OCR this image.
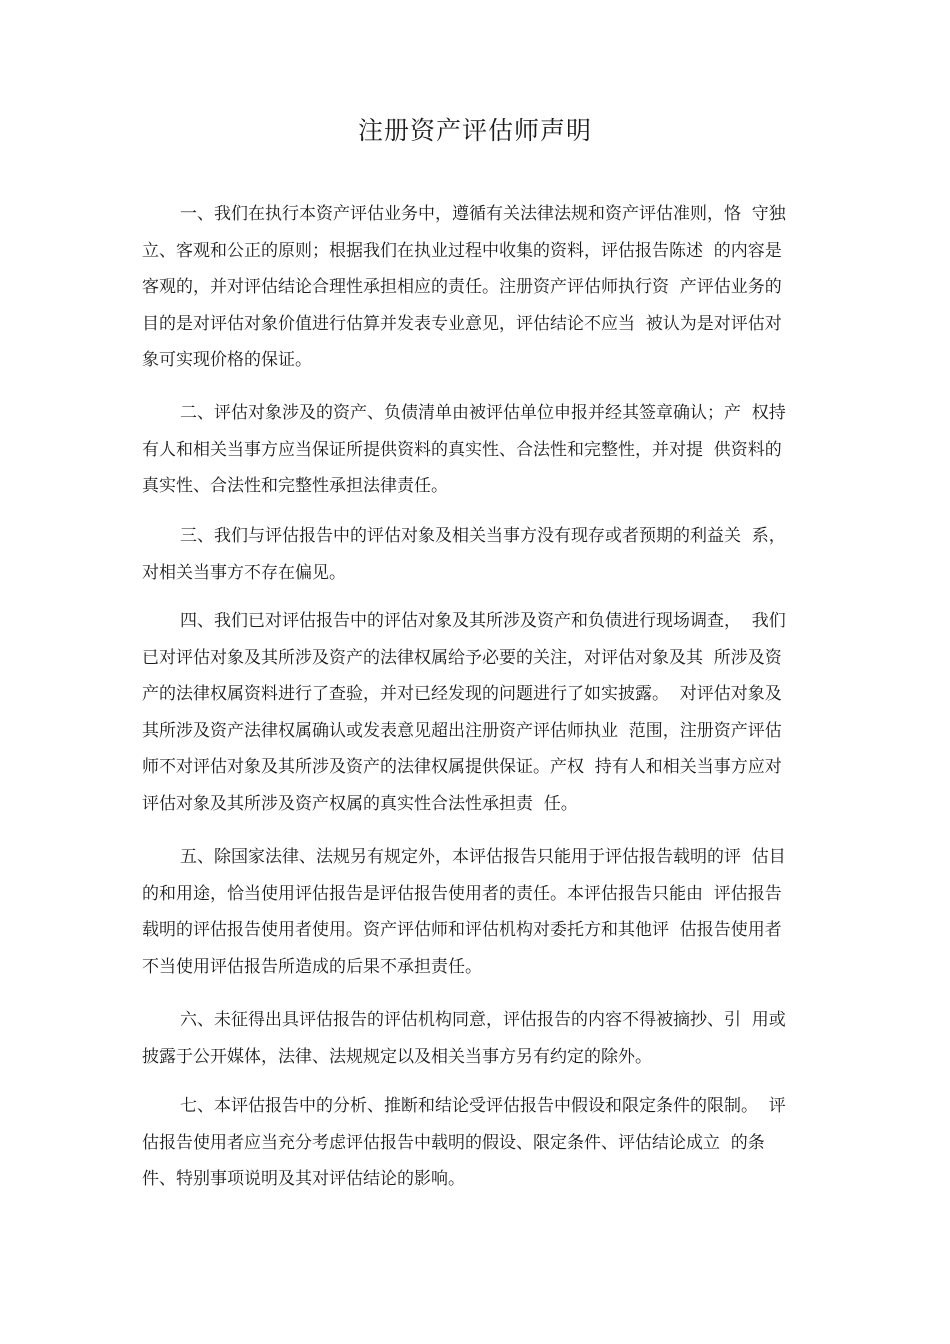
注册资产评估师声明

一、我们在执行本资产评估业务中，遵循有关法律法规和资产评估准则，恪  守独

立、客观和公正的原则；根据我们在执业过程中收集的资料，评估报告陈述  的内容是

客观的，并对评估结论合理性承担相应的责任。注册资产评估师执行资  产评估业务的

目的是对评估对象价值进行估算并发表专业意见，评估结论不应当  被认为是对评估对

象可实现价格的保证。

二、评估对象涉及的资产、负债清单由被评估单位申报并经其签章确认；产  权持

有人和相关当事方应当保证所提供资料的真实性、合法性和完整性，并对提  供资料的

真实性、合法性和完整性承担法律责任。

三、我们与评估报告中的评估对象及相关当事方没有现存或者预期的利益关  系，

对相关当事方不存在偏见。

四、我们已对评估报告中的评估对象及其所涉及资产和负债进行现场调查，  我们

已对评估对象及其所涉及资产的法律权属给予必要的关注，对评估对象及其  所涉及资

产的法律权属资料进行了查验，并对已经发现的问题进行了如实披露。  对评估对象及

其所涉及资产法律权属确认或发表意见超出注册资产评估师执业  范围，注册资产评估

师不对评估对象及其所涉及资产的法律权属提供保证。产权  持有人和相关当事方应对

评估对象及其所涉及资产权属的真实性合法性承担责  任。

五、除国家法律、法规另有规定外，本评估报告只能用于评估报告载明的评  估目

的和用途，恰当使用评估报告是评估报告使用者的责任。本评估报告只能由  评估报告

载明的评估报告使用者使用。资产评估师和评估机构对委托方和其他评  估报告使用者

不当使用评估报告所造成的后果不承担责任。

六、未征得出具评估报告的评估机构同意，评估报告的内容不得被摘抄、引  用或

披露于公开媒体，法律、法规规定以及相关当事方另有约定的除外。

七、本评估报告中的分析、推断和结论受评估报告中假设和限定条件的限制。  评

估报告使用者应当充分考虑评估报告中载明的假设、限定条件、评估结论成立  的条

件、特别事项说明及其对评估结论的影响。
